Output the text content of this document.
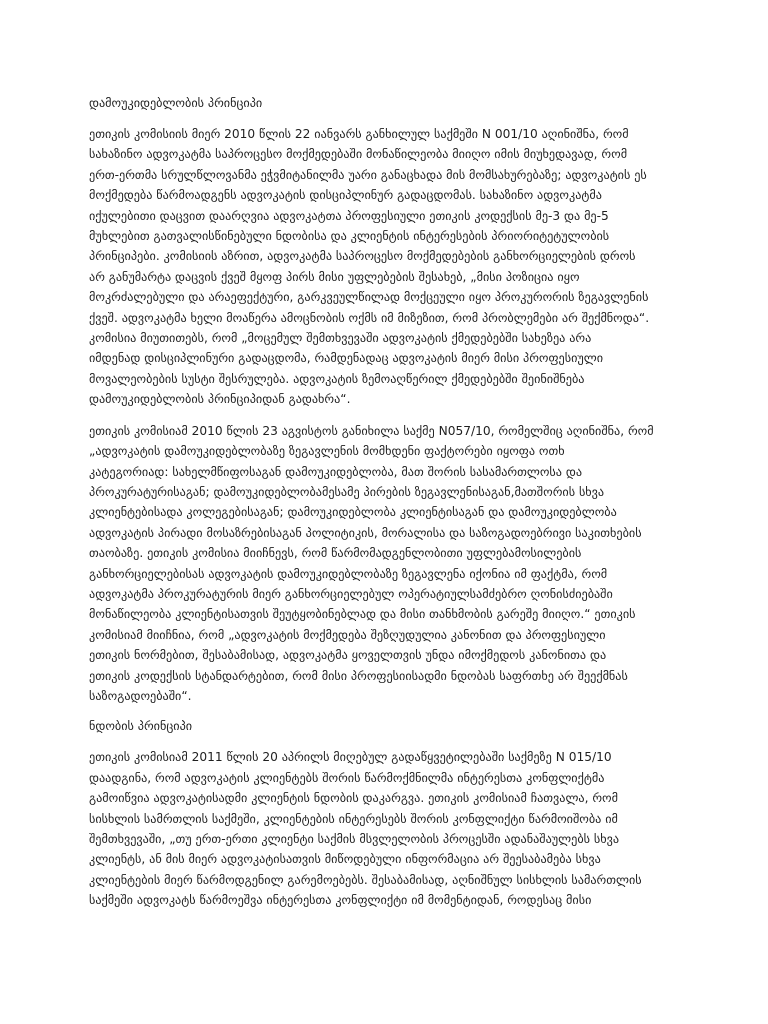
დამოუკიდებლობის პრინციპი

ეთიკის კომისიის მიერ 2010 წლის 22 იანვარს განხილულ საქმეში N 001/10 აღინიშნა, რომ
სახაზინო ადვოკატმა საპროცესო მოქმედებაში მონაწილეობა მიიღო იმის მიუხედავად, რომ
ერთ-ერთმა სრულწლოვანმა ეჭვმიტანილმა უარი განაცხადა მის მომსახურებაზე; ადვოკატის ეს
მოქმედება წარმოადგენს ადვოკატის დისციპლინურ გადაცდომას. სახაზინო ადვოკატმა
იქულებითი დაცვით დაარღვია ადვოკატთა პროფესიული ეთიკის კოდექსის მე-3 და მე-5
მუხლებით გათვალისწინებული ნდობისა და კლიენტის ინტერესების პრიორიტეტულობის
პრინციპები. კომისიის აზრით, ადვოკატმა საპროცესო მოქმედებების განხორციელების დროს
არ განუმარტა დაცვის ქვეშ მყოფ პირს მისი უფლებების შესახებ, „მისი პოზიცია იყო
მოკრძალებული და არაეფექტური, გარკვეულწილად მოქცეული იყო პროკურორის ზეგავლენის
ქვეშ. ადვოკატმა ხელი მოაწერა ამოცნობის ოქმს იმ მიზეზით, რომ პრობლემები არ შექმნოდა“.
კომისია მიუთითებს, რომ „მოცემულ შემთხვევაში ადვოკატის ქმედებებში სახეზეა არა
იმდენად დისციპლინური გადაცდომა, რამდენადაც ადვოკატის მიერ მისი პროფესიული
მოვალეობების სუსტი შესრულება. ადვოკატის ზემოაღწერილ ქმედებებში შეინიშნება
დამოუკიდებლობის პრინციპიდან გადახრა“.

ეთიკის კომისიამ 2010 წლის 23 აგვისტოს განიხილა საქმე N057/10, რომელშიც აღინიშნა, რომ
„ადვოკატის დამოუკიდებლობაზე ზეგავლენის მომხდენი ფაქტორები იყოფა ოთხ
კატეგორიად: სახელმწიფოსაგან დამოუკიდებლობა, მათ შორის სასამართლოსა და
პროკურატურისაგან; დამოუკიდებლობამესამე პირების ზეგავლენისაგან,მათშორის სხვა
კლიენტებისადა კოლეგებისაგან; დამოუკიდებლობა კლიენტისაგან და დამოუკიდებლობა
ადვოკატის პირადი მოსაზრებისაგან პოლიტიკის, მორალისა და საზოგადოებრივი საკითხების
თაობაზე. ეთიკის კომისია მიიჩნევს, რომ წარმომადგენლობითი უფლებამოსილების
განხორციელებისას ადვოკატის დამოუკიდებლობაზე ზეგავლენა იქონია იმ ფაქტმა, რომ
ადვოკატმა პროკურატურის მიერ განხორციელებულ ოპერატიულსამძებრო ღონისძიებაში
მონაწილეობა კლიენტისათვის შეუტყობინებლად და მისი თანხმობის გარეშე მიიღო.“ ეთიკის
კომისიამ მიიჩნია, რომ „ადვოკატის მოქმედება შეზღუდულია კანონით და პროფესიული
ეთიკის ნორმებით, შესაბამისად, ადვოკატმა ყოველთვის უნდა იმოქმედოს კანონითა და
ეთიკის კოდექსის სტანდარტებით, რომ მისი პროფესიისადმი ნდობას საფრთხე არ შეექმნას
საზოგადოებაში“.

ნდობის პრინციპი

ეთიკის კომისიამ 2011 წლის 20 აპრილს მიღებულ გადაწყვეტილებაში საქმეზე N 015/10
დაადგინა, რომ ადვოკატის კლიენტებს შორის წარმოქმნილმა ინტერესთა კონფლიქტმა
გამოიწვია ადვოკატისადმი კლიენტის ნდობის დაკარგვა. ეთიკის კომისიამ ჩათვალა, რომ
სისხლის სამრთლის საქმეში, კლიენტების ინტერესებს შორის კონფლიქტი წარმოიშობა იმ
შემთხვევაში, „თუ ერთ-ერთი კლიენტი საქმის მსვლელობის პროცესში ადანაშაულებს სხვა
კლიენტს, ან მის მიერ ადვოკატისათვის მიწოდებული ინფორმაცია არ შეესაბამება სხვა
კლიენტების მიერ წარმოდგენილ გარემოებებს. შესაბამისად, აღნიშნულ სისხლის სამართლის
საქმეში ადვოკატს წარმოეშვა ინტერესთა კონფლიქტი იმ მომენტიდან, როდესაც მისი
